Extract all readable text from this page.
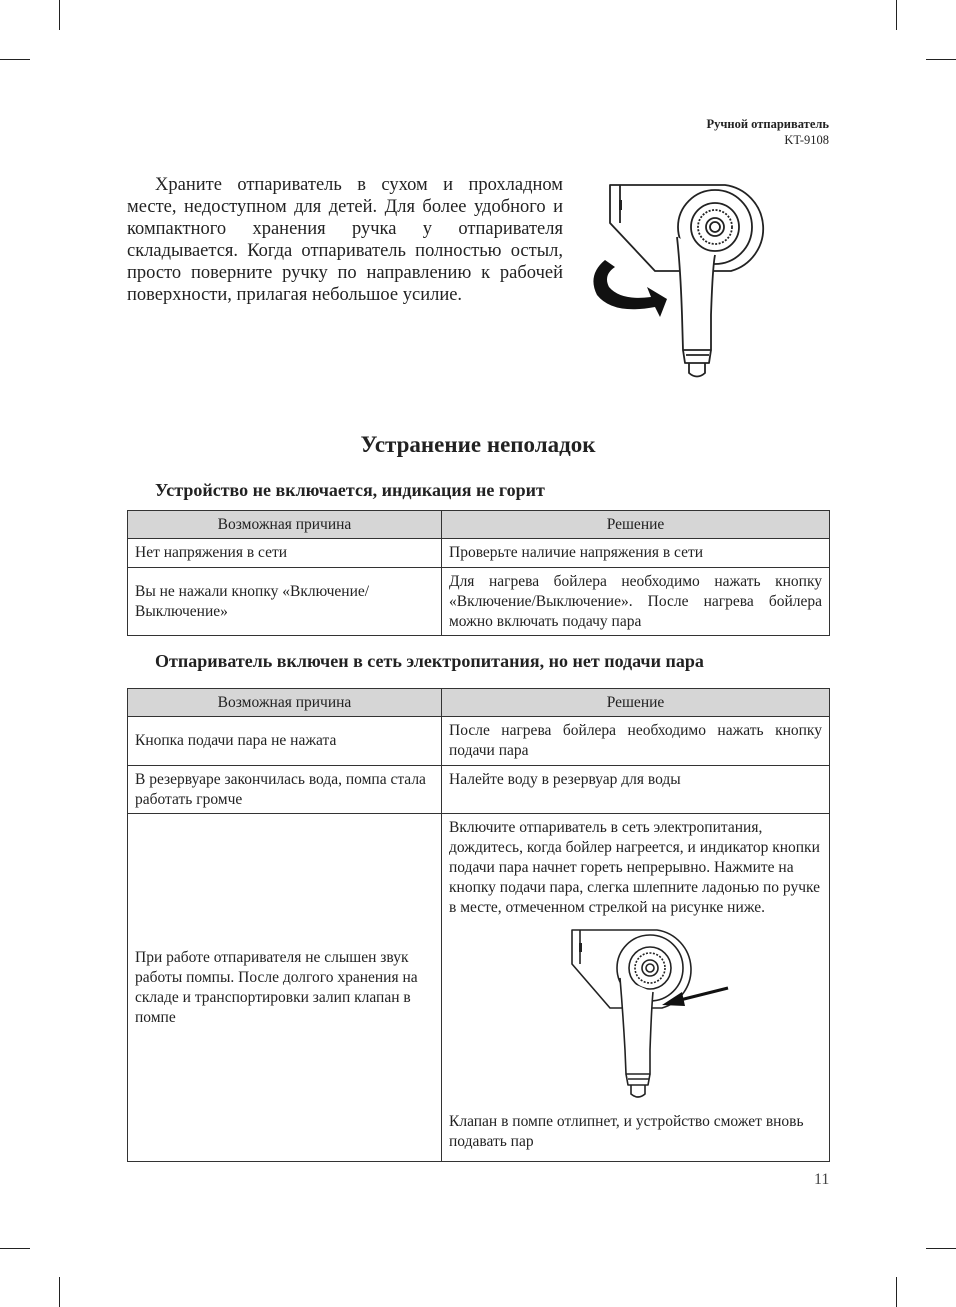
Ручной отпариватель
KT-9108

Храните отпариватель в сухом и прохладном месте, недоступном для детей. Для более удобного и компактного хранения ручка у отпаривателя складывается. Когда отпариватель полностью остыл, просто поверните ручку по направлению к рабочей поверхности, прилагая небольшое усилие.

Устранение неполадок
Устройство не включается, индикация не горит
Возможная причина	Решение
Нет напряжения в сети	Проверьте наличие напряжения в сети
Вы не нажали кнопку «Включение/ Выключение»	Для нагрева бойлера необходимо нажать кнопку «Включение/Выключение». После нагрева бойлера можно включать подачу пара
Отпариватель включен в сеть электропитания, но нет подачи пара
Возможная причина	Решение
Кнопка подачи пара не нажата	После нагрева бойлера необходимо нажать кнопку подачи пара
В резервуаре закончилась вода, помпа стала работать громче	Налейте воду в резервуар для воды
При работе отпаривателя не слышен звук работы помпы. После долгого хранения на складе и транспортировки залип клапан в помпе	Включите отпариватель в сеть электропитания, дождитесь, когда бойлер нагреется, и индикатор кнопки подачи пара начнет гореть непрерывно. Нажмите на кнопку подачи пара, слегка шлепните ладонью по ручке в месте, отмеченном стрелкой на рисунке ниже.
Клапан в помпе отлипнет, и устройство сможет вновь подавать пар
11
